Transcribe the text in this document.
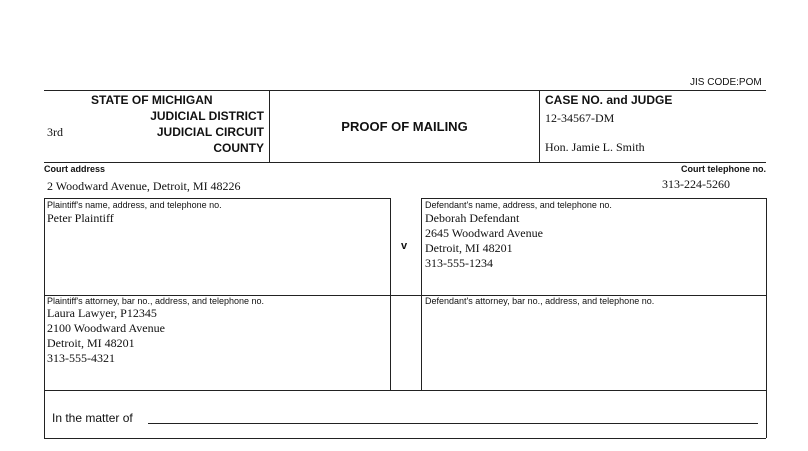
JIS CODE:POM
STATE OF MICHIGAN
JUDICIAL DISTRICT
3rd	JUDICIAL CIRCUIT
COUNTY
PROOF OF MAILING
CASE NO. and JUDGE
12-34567-DM
Hon. Jamie L. Smith
Court address
2 Woodward Avenue, Detroit, MI 48226
Court telephone no.
313-224-5260
Plaintiff's name, address, and telephone no.
Peter Plaintiff
v
Defendant's name, address, and telephone no.
Deborah Defendant
2645 Woodward Avenue
Detroit, MI 48201
313-555-1234
Plaintiff's attorney, bar no., address, and telephone no.
Laura Lawyer, P12345
2100 Woodward Avenue
Detroit, MI 48201
313-555-4321
Defendant's attorney, bar no., address, and telephone no.
In the matter of
